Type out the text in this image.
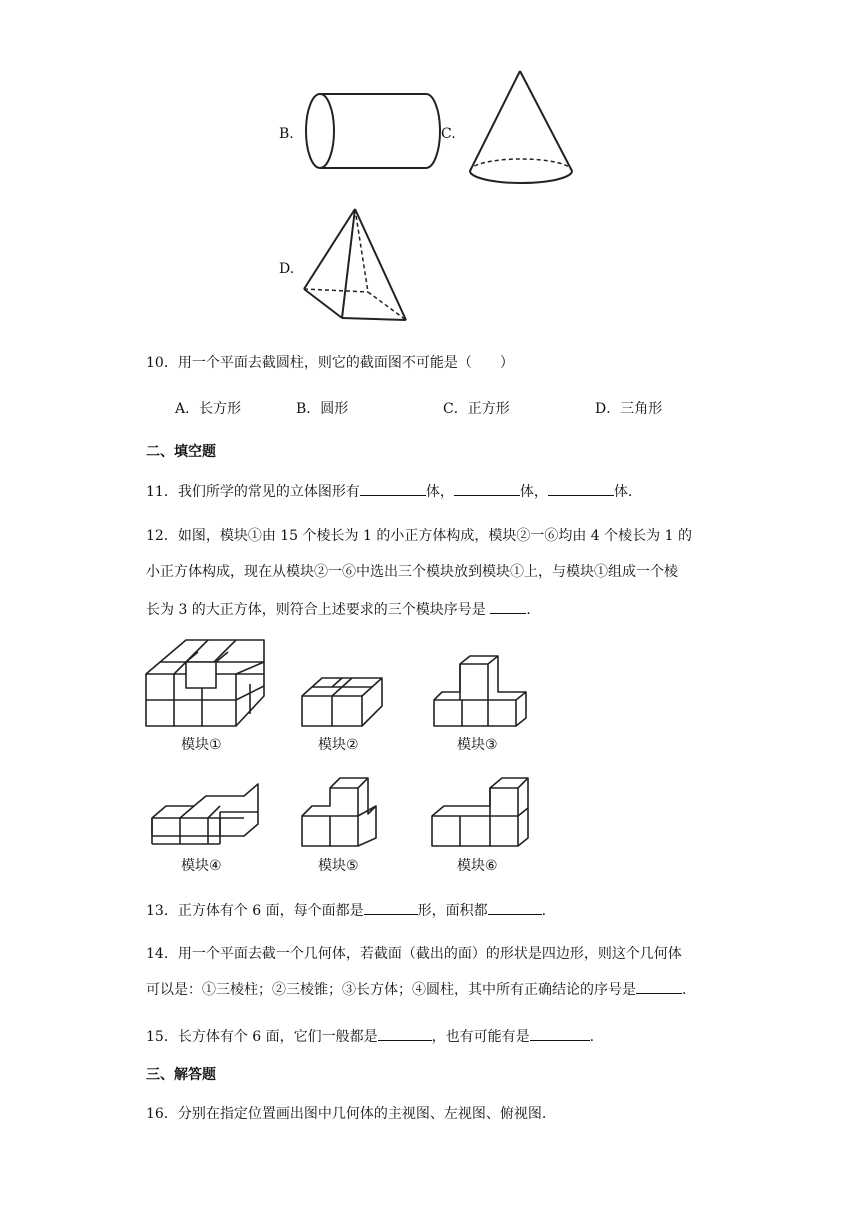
B.	C.
D.
10．用一个平面去截圆柱，则它的截面图不可能是（　　）
A．长方形	B．圆形	C．正方形	D．三角形
二、填空题
11．我们所学的常见的立体图形有	体，	体，	体.
12．如图，模块①由 15 个棱长为 1 的小正方体构成，模块②一⑥均由 4 个棱长为 1 的
小正方体构成，现在从模块②一⑥中选出三个模块放到模块①上，与模块①组成一个棱
长为 3 的大正方体，则符合上述要求的三个模块序号是	.
模块①	模块②	模块③
模块④	模块⑤	模块⑥
13．正方体有个 6 面，每个面都是	形，面积都	.
14．用一个平面去截一个几何体，若截面（截出的面）的形状是四边形，则这个几何体
可以是：①三棱柱；②三棱锥；③长方体；④圆柱，其中所有正确结论的序号是	.
15．长方体有个 6 面，它们一般都是	，也有可能有是	.
三、解答题
16．分别在指定位置画出图中几何体的主视图、左视图、俯视图.
